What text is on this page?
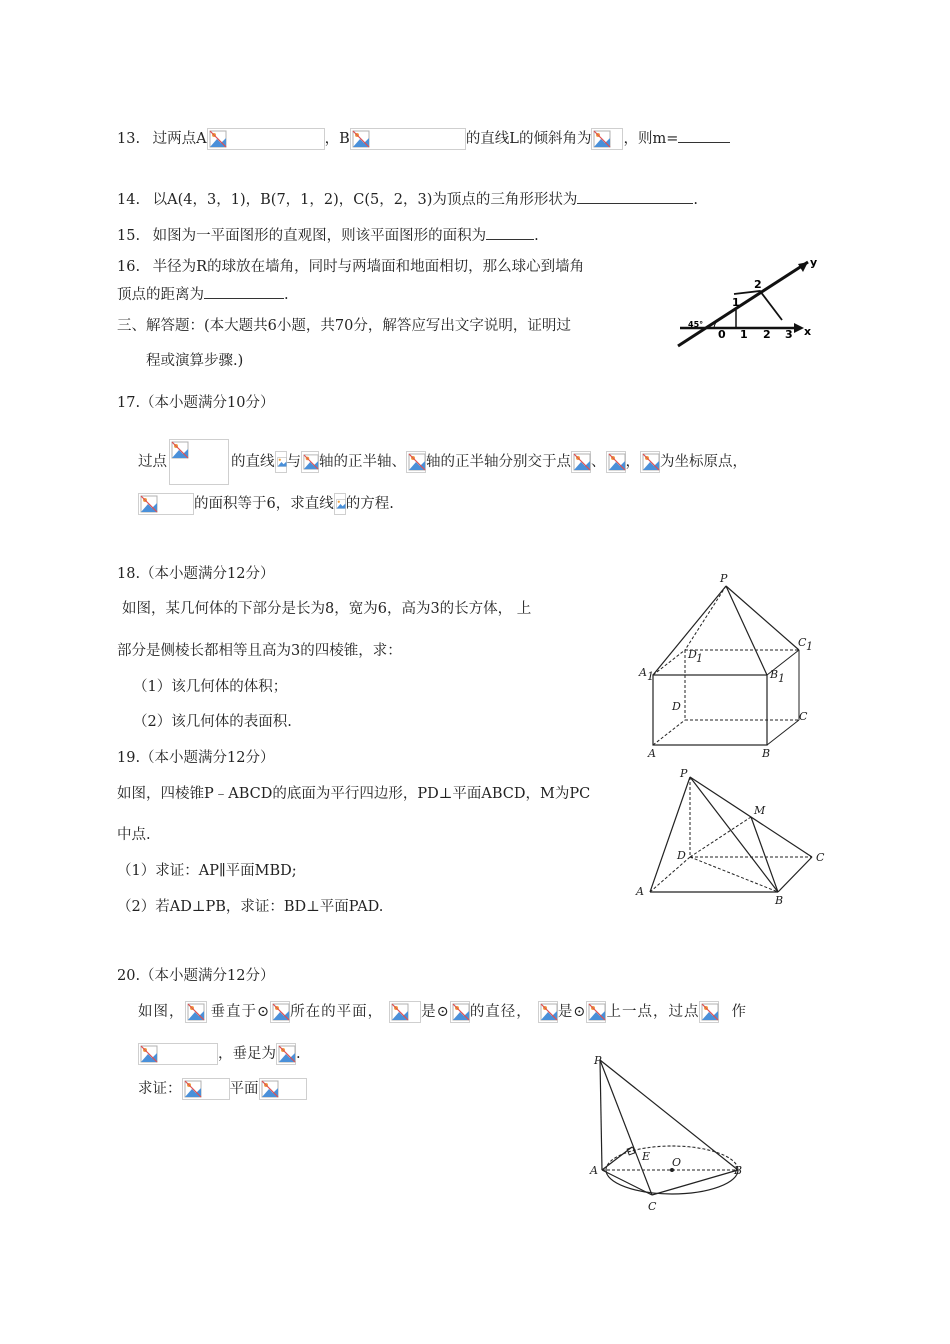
13. 过两点A	，B	的直线L的倾斜角为 ，则m=
14. 以A(4，3，1)，B(7，1，2)，C(5，2，3)为顶点的三角形形状为	.
15. 如图为一平面图形的直观图，则该平面图形的面积为	.
16. 半径为R的球放在墙角，同时与两墙面和地面相切，那么球心到墙角
顶点的距离为	.
三、解答题：(本大题共6小题，共70分，解答应写出文字说明，证明过
程或演算步骤.)
y
x
45°
0 1 2 3
1
2
17.（本小题满分10分）
过点	的直线 与 轴的正半轴、 轴的正半轴分别交于点 、 ， 为坐标原点，
的面积等于6，求直线 的方程.
18.（本小题满分12分）
如图，某几何体的下部分是长为8，宽为6，高为3的长方体， 上
部分是侧棱长都相等且高为3的四棱锥，求：
（1）该几何体的体积；
（2）该几何体的表面积.
P
A 1	B 1
C 1
D 1
A	B
C
D
19.（本小题满分12分）
如图，四棱锥P﹣ABCD的底面为平行四边形，PD⊥平面ABCD，M为PC
中点.
（1）求证：AP∥平面MBD;
（2）若AD⊥PB，求证：BD⊥平面PAD.
P
M
D	C
A
B
20.（本小题满分12分）
如图， 垂直于⊙ 所在的平面，	是⊙ 的直径， 是⊙ 上一点，过点 作
，垂足为 .
求证：	平面
P
E O
A	B
C
